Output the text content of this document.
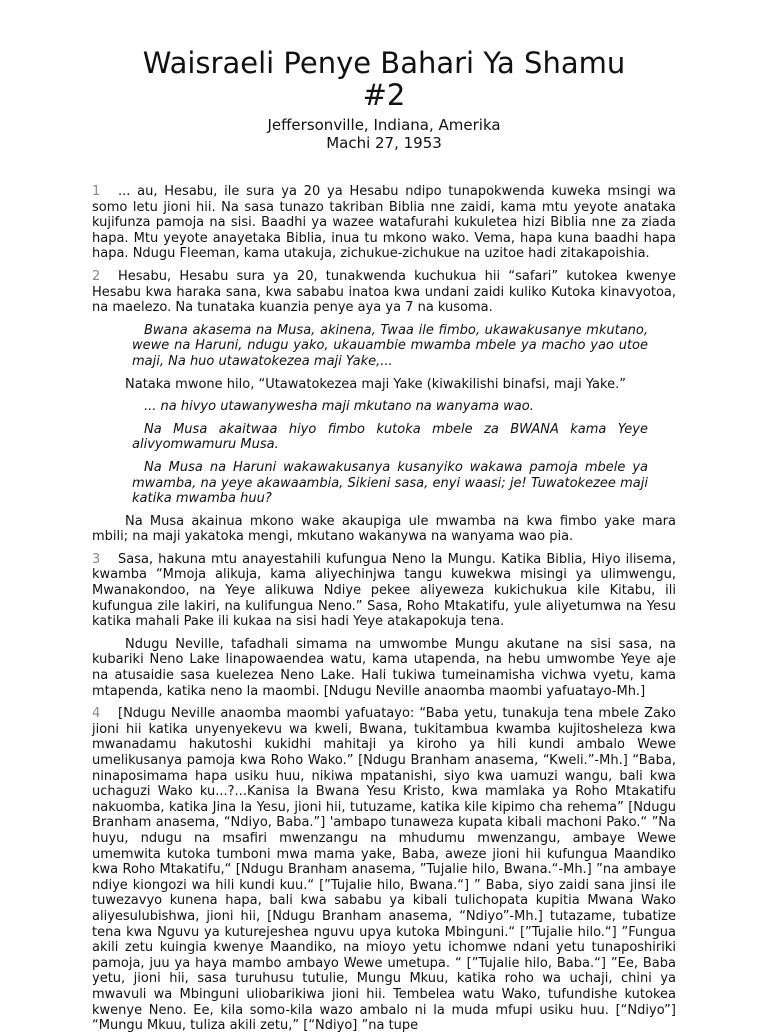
Waisraeli Penye Bahari Ya Shamu
#2
Jeffersonville, Indiana, Amerika
Machi 27, 1953

1 ... au, Hesabu, ile sura ya 20 ya Hesabu ndipo tunapokwenda kuweka msingi wa somo letu jioni hii. Na sasa tunazo takriban Biblia nne zaidi, kama mtu yeyote anataka kujifunza pamoja na sisi. Baadhi ya wazee watafurahi kukuletea hizi Biblia nne za ziada hapa. Mtu yeyote anayetaka Biblia, inua tu mkono wako. Vema, hapa kuna baadhi hapa hapa. Ndugu Fleeman, kama utakuja, zichukue-zichukue na uzitoe hadi zitakapoishia.

2 Hesabu, Hesabu sura ya 20, tunakwenda kuchukua hii “safari” kutokea kwenye Hesabu kwa haraka sana, kwa sababu inatoa kwa undani zaidi kuliko Kutoka kinavyotoa, na maelezo. Na tunataka kuanzia penye aya ya 7 na kusoma.

Bwana akasema na Musa, akinena, Twaa ile fimbo, ukawakusanye mkutano, wewe na Haruni, ndugu yako, ukauambie mwamba mbele ya macho yao utoe maji, Na huo utawatokezea maji Yake,...

Nataka mwone hilo, “Utawatokezea maji Yake (kiwakilishi binafsi, maji Yake.”

... na hivyo utawanywesha maji mkutano na wanyama wao.

Na Musa akaitwaa hiyo fimbo kutoka mbele za BWANA kama Yeye alivyomwamuru Musa.

Na Musa na Haruni wakawakusanya kusanyiko wakawa pamoja mbele ya mwamba, na yeye akawaambia, Sikieni sasa, enyi waasi; je! Tuwatokezee maji katika mwamba huu?

Na Musa akainua mkono wake akaupiga ule mwamba na kwa fimbo yake mara mbili; na maji yakatoka mengi, mkutano wakanywa na wanyama wao pia.

3 Sasa, hakuna mtu anayestahili kufungua Neno la Mungu. Katika Biblia, Hiyo ilisema, kwamba “Mmoja alikuja, kama aliyechinjwa tangu kuwekwa misingi ya ulimwengu, Mwanakondoo, na Yeye alikuwa Ndiye pekee aliyeweza kukichukua kile Kitabu, ili kufungua zile lakiri, na kulifungua Neno.” Sasa, Roho Mtakatifu, yule aliyetumwa na Yesu katika mahali Pake ili kukaa na sisi hadi Yeye atakapokuja tena.

Ndugu Neville, tafadhali simama na umwombe Mungu akutane na sisi sasa, na kubariki Neno Lake linapowaendea watu, kama utapenda, na hebu umwombe Yeye aje na atusaidie sasa kuelezea Neno Lake. Hali tukiwa tumeinamisha vichwa vyetu, kama mtapenda, katika neno la maombi. [Ndugu Neville anaomba maombi yafuatayo-Mh.]

4 [Ndugu Neville anaomba maombi yafuatayo: “Baba yetu, tunakuja tena mbele Zako jioni hii katika unyenyekevu wa kweli, Bwana, tukitambua kwamba kujitosheleza kwa mwanadamu hakutoshi kukidhi mahitaji ya kiroho ya hili kundi ambalo Wewe umelikusanya pamoja kwa Roho Wako.” [Ndugu Branham anasema, “Kweli.”-Mh.] “Baba, ninaposimama hapa usiku huu, nikiwa mpatanishi, siyo kwa uamuzi wangu, bali kwa uchaguzi Wako ku...?...Kanisa la Bwana Yesu Kristo, kwa mamlaka ya Roho Mtakatifu nakuomba, katika Jina la Yesu, jioni hii, tutuzame, katika kile kipimo cha rehema” [Ndugu Branham anasema, “Ndiyo, Baba.”] 'ambapo tunaweza kupata kibali machoni Pako.“ ”Na huyu, ndugu na msafiri mwenzangu na mhudumu mwenzangu, ambaye Wewe umemwita kutoka tumboni mwa mama yake, Baba, aweze jioni hii kufungua Maandiko kwa Roho Mtakatifu,“ [Ndugu Branham anasema, ”Tujalie hilo, Bwana.“-Mh.] ”na ambaye ndiye kiongozi wa hili kundi kuu.“ [”Tujalie hilo, Bwana.“] ” Baba, siyo zaidi sana jinsi ile tuwezavyo kunena hapa, bali kwa sababu ya kibali tulichopata kupitia Mwana Wako aliyesulubishwa, jioni hii, [Ndugu Branham anasema, “Ndiyo”-Mh.] tutazame, tubatize tena kwa Nguvu ya kuturejeshea nguvu upya kutoka Mbinguni.“ [”Tujalie hilo.“] ”Fungua akili zetu kuingia kwenye Maandiko, na mioyo yetu ichomwe ndani yetu tunaposhiriki pamoja, juu ya haya mambo ambayo Wewe umetupa. “ [”Tujalie hilo, Baba.“] ”Ee, Baba yetu, jioni hii, sasa turuhusu tutulie, Mungu Mkuu, katika roho wa uchaji, chini ya mwavuli wa Mbinguni uliobarikiwa jioni hii. Tembelea watu Wako, tufundishe kutokea kwenye Neno. Ee, kila somo-kila wazo ambalo ni la muda mfupi usiku huu. [“Ndiyo”] “Mungu Mkuu, tuliza akili zetu,” [“Ndiyo] ”na tupe
